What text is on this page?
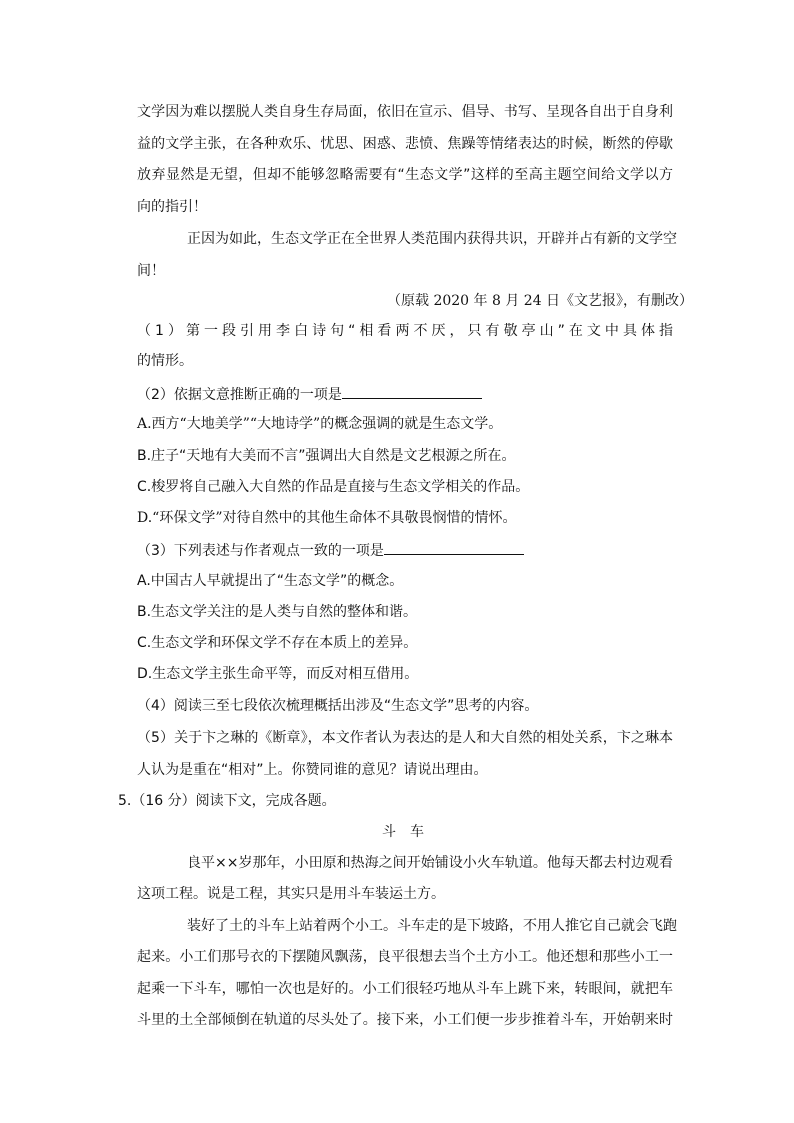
文学因为难以摆脱人类自身生存局面，依旧在宣示、倡导、书写、呈现各自出于自身利
益的文学主张，在各种欢乐、忧思、困惑、悲愤、焦躁等情绪表达的时候，断然的停歇
放弃显然是无望，但却不能够忽略需要有“生态文学”这样的至高主题空间给文学以方
向的指引！
正因为如此，生态文学正在全世界人类范围内获得共识，开辟并占有新的文学空
间！
（原载 2020 年 8 月 24 日《文艺报》，有删改）
（1）第一段引用李白诗句“相看两不厌，只有敬亭山”在文中具体指
的情形。
（2）依据文意推断正确的一项是
A.西方“大地美学”“大地诗学”的概念强调的就是生态文学。
B.庄子“天地有大美而不言”强调出大自然是文艺根源之所在。
C.梭罗将自己融入大自然的作品是直接与生态文学相关的作品。
D.“环保文学”对待自然中的其他生命体不具敬畏悯惜的情怀。
（3）下列表述与作者观点一致的一项是
A.中国古人早就提出了“生态文学”的概念。
B.生态文学关注的是人类与自然的整体和谐。
C.生态文学和环保文学不存在本质上的差异。
D.生态文学主张生命平等，而反对相互借用。
（4）阅读三至七段依次梳理概括出涉及“生态文学”思考的内容。
（5）关于卞之琳的《断章》，本文作者认为表达的是人和大自然的相处关系，卞之琳本
人认为是重在“相对”上。你赞同谁的意见？请说出理由。
5.（16 分）阅读下文，完成各题。
斗　车
良平××岁那年，小田原和热海之间开始铺设小火车轨道。他每天都去村边观看
这项工程。说是工程，其实只是用斗车装运土方。
装好了土的斗车上站着两个小工。斗车走的是下坡路，不用人推它自己就会飞跑
起来。小工们那号衣的下摆随风飘荡，良平很想去当个土方小工。他还想和那些小工一
起乘一下斗车，哪怕一次也是好的。小工们很轻巧地从斗车上跳下来，转眼间，就把车
斗里的土全部倾倒在轨道的尽头处了。接下来，小工们便一步步推着斗车，开始朝来时
